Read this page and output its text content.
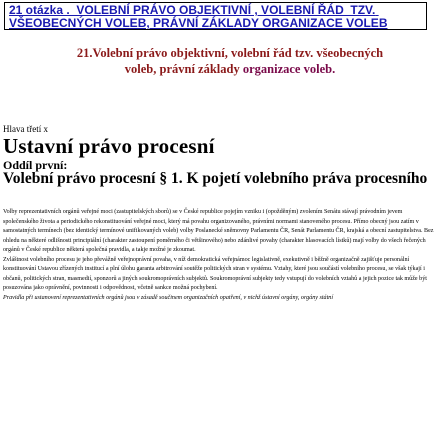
21 otázka .  VOLEBNÍ PRÁVO OBJEKTIVNÍ , VOLEBNÍ ŘÁD  TZV. VŠEOBECNÝCH VOLEB, PRÁVNÍ ZÁKLADY ORGANIZACE VOLEB
21.Volební právo objektivní, volební řád tzv. všeobecných
voleb, právní základy organizace voleb.
Hlava třetí x
Ustavní právo procesní
Oddíl první:
Volební právo procesní § 1. K pojetí volebního práva procesního

Volby reprezentativních orgánů veřejné moci (zastupitelských sborů) se v České republice pojejím vzniku i (opožděným) zvolením Senátu stávají právodním jevem společenského života a periodického rekonstituování veřejné moci, který má povahu organizovaného, právními normami stanoveného procesu. Přímo obecný jsou zatím v samostatných termínech (bez identický termínové unifikovaných voleb) volby Poslanecké sněmovny Parlamentu ČR, Senát Parlamentu ČR, krajská a obecní zastupitelstva. Bez ohledu na některé odlišnosti principiální (charakter zastoupení poměrného či většinového) nebo zdánlivé povahy (charakter hlasovacích lístků) mají volby do všech řečených orgánů v České republice některá společná pravidla, a takje možné je zkoumat.

Zvláštnost volebního procesu je jeho převážně veřejnoprávní povaha, v níž demokratická veřejnámoc legislativně, exekutivně i běžně organizačně zajišťuje personální konstituování Ustavou zřízených institucí a plní úlohu garanta arbitrování soutěže politických stran v systému. Vztahy, které jsou součástí volebního procesu, se však týkají i občanů, politických stran, masmedií, sponzorů a jiných soukromoprávních subjektů. Soukromoprávní subjekty tedy vstupují do volebních vztahů a jejich pozice tak může být posuzována jako oprávnění, povinnosti i odpovědnost, včetně sankce možná pochybení.

Pravidla při ustanovení reprezentativních orgánů jsou v zásadě součinem organizačních opatření, v nichž ústavní orgány, orgány státní
